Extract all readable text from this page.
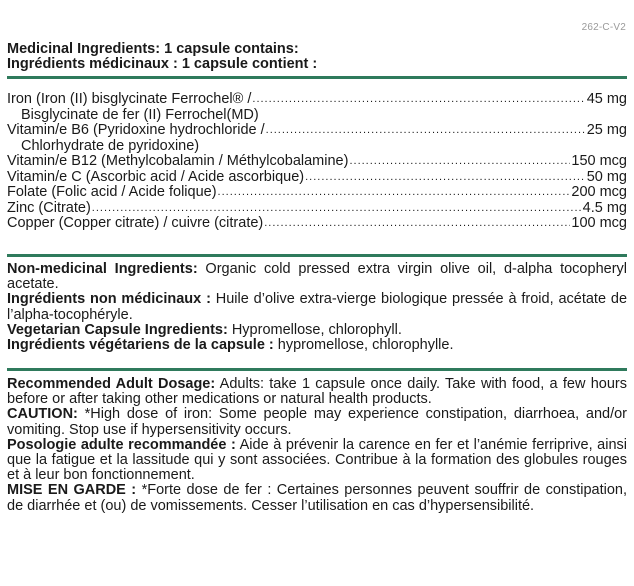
262-C-V2
Medicinal Ingredients: 1 capsule contains:
Ingrédients médicinaux : 1 capsule contient :
Iron (Iron (II) bisglycinate Ferrochel® / .....	45 mg
Bisglycinate de fer (II) Ferrochel(MD)
Vitamin/e B6 (Pyridoxine hydrochloride / .....	25 mg
Chlorhydrate de pyridoxine)
Vitamin/e B12 (Methylcobalamin / Méthylcobalamine) .....	150 mcg
Vitamin/e C (Ascorbic acid / Acide ascorbique) .....	50 mg
Folate (Folic acid / Acide folique) .....	200 mcg
Zinc (Citrate) .....	4.5 mg
Copper (Copper citrate) / cuivre (citrate) .....	100 mcg

Non-medicinal Ingredients: Organic cold pressed extra virgin olive oil, d-alpha tocopheryl acetate.

Ingrédients non médicinaux : Huile d’olive extra-vierge biologique pressée à froid, acétate de l’alpha-tocophéryle.

Vegetarian Capsule Ingredients: Hypromellose, chlorophyll.

Ingrédients végétariens de la capsule : hypromellose, chlorophylle.

Recommended Adult Dosage: Adults: take 1 capsule once daily. Take with food, a few hours before or after taking other medications or natural health products.

CAUTION: *High dose of iron: Some people may experience constipation, diarrhoea, and/or vomiting. Stop use if hypersensitivity occurs.

Posologie adulte recommandée : Aide à prévenir la carence en fer et l’anémie ferriprive, ainsi que la fatigue et la lassitude qui y sont associées. Contribue à la formation des globules rouges et à leur bon fonctionnement.

MISE EN GARDE : *Forte dose de fer : Certaines personnes peuvent souffrir de constipation, de diarrhée et (ou) de vomissements. Cesser l’utilisation en cas d’hypersensibilité.
